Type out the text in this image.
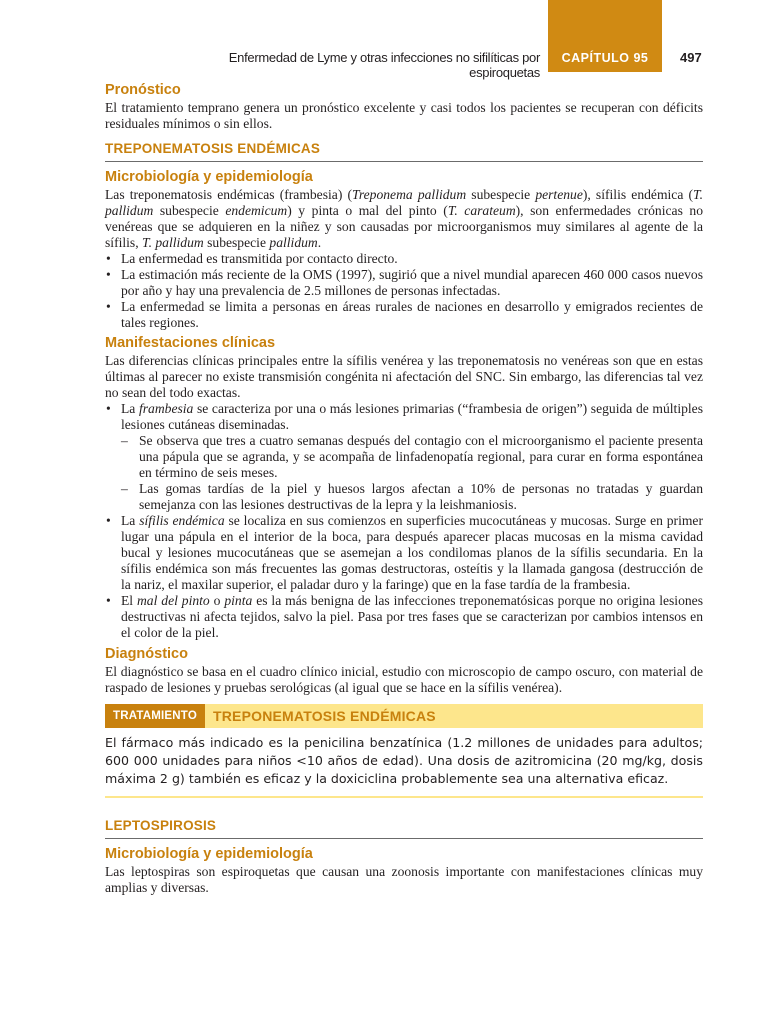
CAPÍTULO 95
Enfermedad de Lyme y otras infecciones no sifilíticas por espiroquetas
497
Pronóstico

El tratamiento temprano genera un pronóstico excelente y casi todos los pacientes se recuperan con déficits residuales mínimos o sin ellos.

TREPONEMATOSIS ENDÉMICAS
Microbiología y epidemiología

Las treponematosis endémicas (frambesia) (Treponema pallidum subespecie pertenue), sífilis endémica (T. pallidum subespecie endemicum) y pinta o mal del pinto (T. carateum), son enfermedades crónicas no venéreas que se adquieren en la niñez y son causadas por microorganismos muy similares al agente de la sífilis, T. pallidum subespecie pallidum.

• La enfermedad es transmitida por contacto directo.
• La estimación más reciente de la OMS (1997), sugirió que a nivel mundial aparecen 460 000 casos nuevos por año y hay una prevalencia de 2.5 millones de personas infectadas.
• La enfermedad se limita a personas en áreas rurales de naciones en desarrollo y emigrados recientes de tales regiones.
Manifestaciones clínicas

Las diferencias clínicas principales entre la sífilis venérea y las treponematosis no venéreas son que en estas últimas al parecer no existe transmisión congénita ni afectación del SNC. Sin embargo, las diferencias tal vez no sean del todo exactas.

• La frambesia se caracteriza por una o más lesiones primarias (“frambesia de origen”) seguida de múltiples lesiones cutáneas diseminadas.
– Se observa que tres a cuatro semanas después del contagio con el microorganismo el paciente presenta una pápula que se agranda, y se acompaña de linfadenopatía regional, para curar en forma espontánea en término de seis meses.
– Las gomas tardías de la piel y huesos largos afectan a 10% de personas no tratadas y guardan semejanza con las lesiones destructivas de la lepra y la leishmaniosis.
• La sífilis endémica se localiza en sus comienzos en superficies mucocutáneas y mucosas. Surge en primer lugar una pápula en el interior de la boca, para después aparecer placas mucosas en la misma cavidad bucal y lesiones mucocutáneas que se asemejan a los condilomas planos de la sífilis secundaria. En la sífilis endémica son más frecuentes las gomas destructoras, osteítis y la llamada gangosa (destrucción de la nariz, el maxilar superior, el paladar duro y la faringe) que en la fase tardía de la frambesia.
• El mal del pinto o pinta es la más benigna de las infecciones treponematósicas porque no origina lesiones destructivas ni afecta tejidos, salvo la piel. Pasa por tres fases que se caracterizan por cambios intensos en el color de la piel.
Diagnóstico

El diagnóstico se basa en el cuadro clínico inicial, estudio con microscopio de campo oscuro, con material de raspado de lesiones y pruebas serológicas (al igual que se hace en la sífilis venérea).

TRATAMIENTO	TREPONEMATOSIS ENDÉMICAS
El fármaco más indicado es la penicilina benzatínica (1.2 millones de unidades para adultos; 600 000 unidades para niños <10 años de edad). Una dosis de azitromicina (20 mg/kg, dosis máxima 2 g) también es eficaz y la doxiciclina probablemente sea una alternativa eficaz.
LEPTOSPIROSIS
Microbiología y epidemiología

Las leptospiras son espiroquetas que causan una zoonosis importante con manifestaciones clínicas muy amplias y diversas.
